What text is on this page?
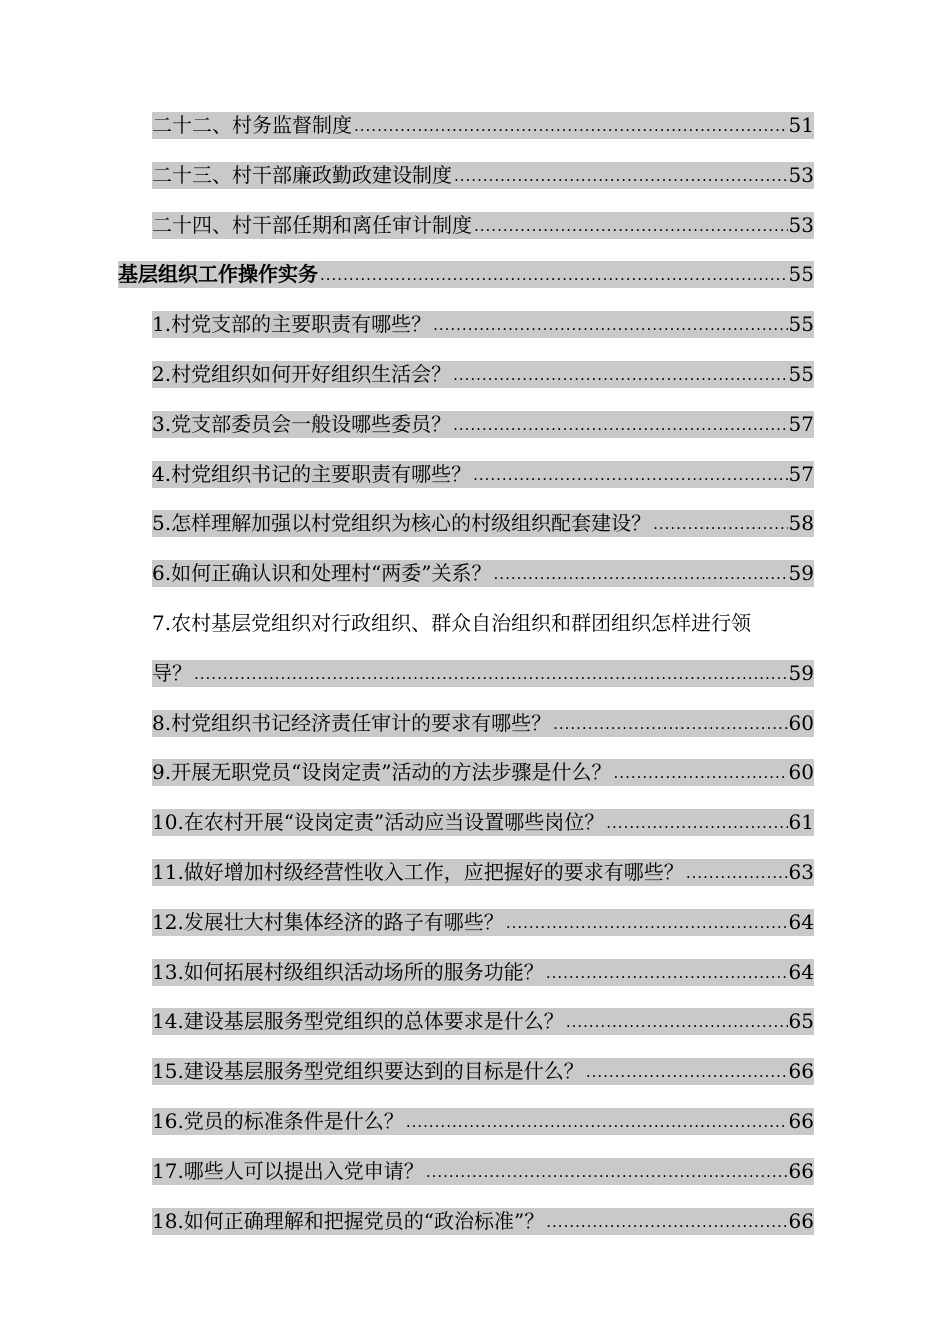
二十二、村务监督制度 .....	51
二十三、村干部廉政勤政建设制度 .....	53
二十四、村干部任期和离任审计制度 .....	53
基层组织工作操作实务 .....	55
1.村党支部的主要职责有哪些？ .....	55
2.村党组织如何开好组织生活会？ .....	55
3.党支部委员会一般设哪些委员？ .....	57
4.村党组织书记的主要职责有哪些？ .....	57
5.怎样理解加强以村党组织为核心的村级组织配套建设？ .....	58
6.如何正确认识和处理村“两委”关系？ .....	59
7.农村基层党组织对行政组织、群众自治组织和群团组织怎样进行领
导？ .....	59
8.村党组织书记经济责任审计的要求有哪些？ .....	60
9.开展无职党员“设岗定责”活动的方法步骤是什么？ .....	60
10.在农村开展“设岗定责”活动应当设置哪些岗位？ .....	61
11.做好增加村级经营性收入工作，应把握好的要求有哪些？ .....	63
12.发展壮大村集体经济的路子有哪些？ .....	64
13.如何拓展村级组织活动场所的服务功能？ .....	64
14.建设基层服务型党组织的总体要求是什么？ .....	65
15.建设基层服务型党组织要达到的目标是什么？ .....	66
16.党员的标准条件是什么？ .....	66
17.哪些人可以提出入党申请？ .....	66
18.如何正确理解和把握党员的“政治标准”？ .....	66
